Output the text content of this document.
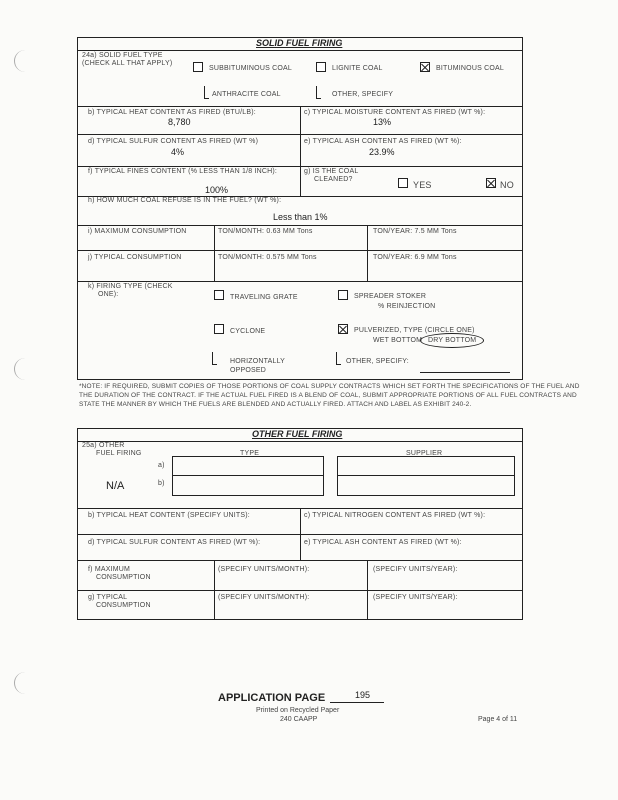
SOLID FUEL FIRING
24a) SOLID FUEL TYPE
(CHECK ALL THAT APPLY)
SUBBITUMINOUS COAL	LIGNITE COAL	BITUMINOUS COAL
ANTHRACITE COAL	OTHER, SPECIFY
b) TYPICAL HEAT CONTENT AS FIRED (BTU/LB):
8,780
c) TYPICAL MOISTURE CONTENT AS FIRED (WT %):
13%
d) TYPICAL SULFUR CONTENT AS FIRED (WT %)
4%
e) TYPICAL ASH CONTENT AS FIRED (WT %):
23.9%
f) TYPICAL FINES CONTENT (% LESS THAN 1/8 INCH):
100%
g) IS THE COAL
CLEANED?
YES	NO
h) HOW MUCH COAL REFUSE IS IN THE FUEL? (WT %):
Less than 1%
i) MAXIMUM CONSUMPTION	TON/MONTH: 0.63 MM Tons	TON/YEAR: 7.5 MM Tons
j) TYPICAL CONSUMPTION	TON/MONTH: 0.575 MM Tons	TON/YEAR: 6.9 MM Tons
k) FIRING TYPE (CHECK
ONE):	TRAVELING GRATE	SPREADER STOKER
% REINJECTION
CYCLONE	PULVERIZED, TYPE (CIRCLE ONE)
WET BOTTOM DRY BOTTOM
HORIZONTALLY
OPPOSED
OTHER, SPECIFY:
*NOTE: IF REQUIRED, SUBMIT COPIES OF THOSE PORTIONS OF COAL SUPPLY CONTRACTS WHICH SET FORTH THE SPECIFICATIONS OF THE FUEL AND THE DURATION OF THE CONTRACT. IF THE ACTUAL FUEL FIRED IS A BLEND OF COAL, SUBMIT APPROPRIATE PORTIONS OF ALL FUEL CONTRACTS AND STATE THE MANNER BY WHICH THE FUELS ARE BLENDED AND ACTUALLY FIRED. ATTACH AND LABEL AS EXHIBIT 240-2.
OTHER FUEL FIRING
25a) OTHER
FUEL FIRING	TYPE	SUPPLIER
a)
b)
N/A
b) TYPICAL HEAT CONTENT (SPECIFY UNITS):	c) TYPICAL NITROGEN CONTENT AS FIRED (WT %):
d) TYPICAL SULFUR CONTENT AS FIRED (WT %):	e) TYPICAL ASH CONTENT AS FIRED (WT %):
f) MAXIMUM
CONSUMPTION
(SPECIFY UNITS/MONTH):	(SPECIFY UNITS/YEAR):
g) TYPICAL
CONSUMPTION
(SPECIFY UNITS/MONTH):	(SPECIFY UNITS/YEAR):
APPLICATION PAGE	195
Printed on Recycled Paper
240 CAAPP	Page 4 of 11
